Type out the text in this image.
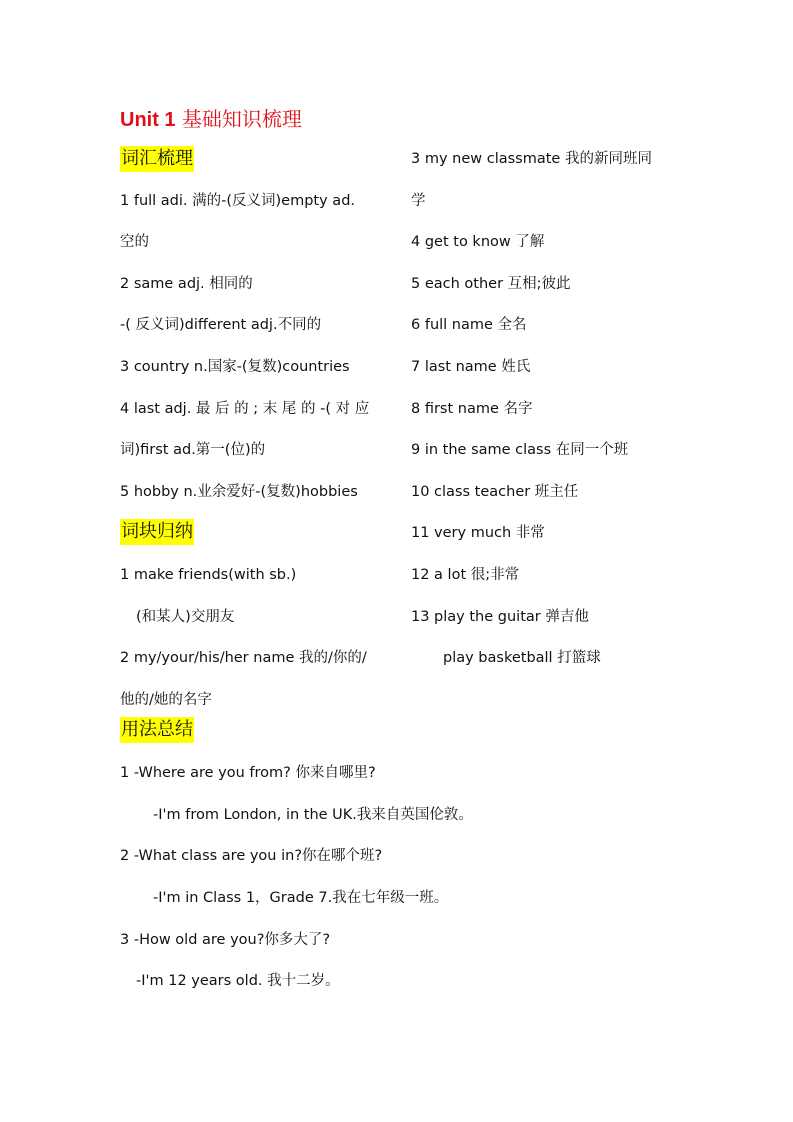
Unit 1 基础知识梳理
词汇梳理
1 full adi. 满的-(反义词)empty ad.
空的
2 same adj. 相同的
-( 反义词)different adj.不同的
3 country n.国家-(复数)countries
4 last adj. 最 后 的 ; 末 尾 的 -( 对 应
词)first ad.第一(位)的
5 hobby n.业余爱好-(复数)hobbies
词块归纳
1 make friends(with sb.)
(和某人)交朋友
2 my/your/his/her name 我的/你的/
他的/她的名字
3 my new classmate 我的新同班同
学
4 get to know 了解
5 each other 互相;彼此
6 full name 全名
7 last name 姓氏
8 first name 名字
9 in the same class 在同一个班
10 class teacher 班主任
11 very much 非常
12 a lot 很;非常
13 play the guitar 弹吉他
play basketball 打篮球
用法总结
1 -Where are you from? 你来自哪里?
-I'm from London, in the UK.我来自英国伦敦。
2 -What class are you in?你在哪个班?
-I'm in Class 1，Grade 7.我在七年级一班。
3 -How old are you?你多大了?
-I'm 12 years old. 我十二岁。
